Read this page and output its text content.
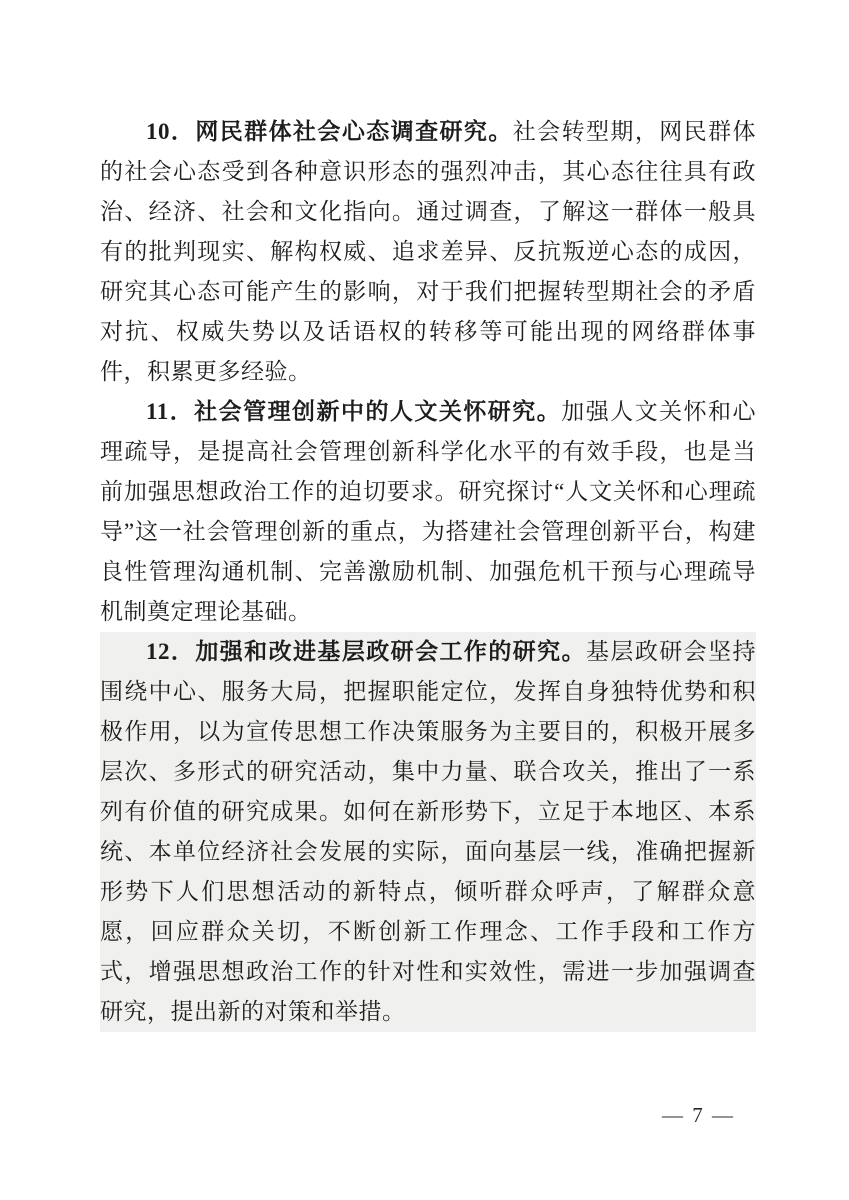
10．网民群体社会心态调查研究。社会转型期，网民群体的社会心态受到各种意识形态的强烈冲击，其心态往往具有政治、经济、社会和文化指向。通过调查，了解这一群体一般具有的批判现实、解构权威、追求差异、反抗叛逆心态的成因，研究其心态可能产生的影响，对于我们把握转型期社会的矛盾对抗、权威失势以及话语权的转移等可能出现的网络群体事件，积累更多经验。

11．社会管理创新中的人文关怀研究。加强人文关怀和心理疏导，是提高社会管理创新科学化水平的有效手段，也是当前加强思想政治工作的迫切要求。研究探讨“人文关怀和心理疏导”这一社会管理创新的重点，为搭建社会管理创新平台，构建良性管理沟通机制、完善激励机制、加强危机干预与心理疏导机制奠定理论基础。

12．加强和改进基层政研会工作的研究。基层政研会坚持围绕中心、服务大局，把握职能定位，发挥自身独特优势和积极作用，以为宣传思想工作决策服务为主要目的，积极开展多层次、多形式的研究活动，集中力量、联合攻关，推出了一系列有价值的研究成果。如何在新形势下，立足于本地区、本系统、本单位经济社会发展的实际，面向基层一线，准确把握新形势下人们思想活动的新特点，倾听群众呼声，了解群众意愿，回应群众关切，不断创新工作理念、工作手段和工作方式，增强思想政治工作的针对性和实效性，需进一步加强调查研究，提出新的对策和举措。

— 7 —
